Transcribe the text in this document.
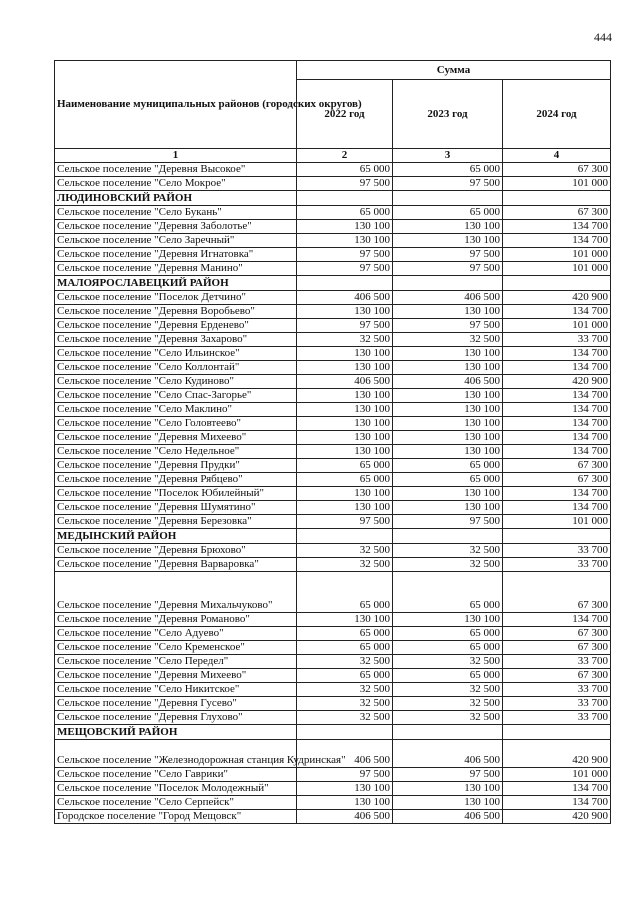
444
Наименование муниципальных районов (городских округов)	Сумма		
	2022 год	2023 год	2024 год
1	2	3	4
Сельское поселение "Деревня Высокое"	65 000	65 000	67 300
Сельское поселение "Село Мокрое"	97 500	97 500	101 000
ЛЮДИНОВСКИЙ РАЙОН			
Сельское поселение "Село Букань"	65 000	65 000	67 300
Сельское поселение "Деревня Заболотье"	130 100	130 100	134 700
Сельское поселение "Село Заречный"	130 100	130 100	134 700
Сельское поселение "Деревня Игнатовка"	97 500	97 500	101 000
Сельское поселение "Деревня Манино"	97 500	97 500	101 000
МАЛОЯРОСЛАВЕЦКИЙ РАЙОН			
Сельское поселение "Поселок Детчино"	406 500	406 500	420 900
Сельское поселение "Деревня Воробьево"	130 100	130 100	134 700
Сельское поселение "Деревня Ерденево"	97 500	97 500	101 000
Сельское поселение "Деревня Захарово"	32 500	32 500	33 700
Сельское поселение "Село Ильинское"	130 100	130 100	134 700
Сельское поселение "Село Коллонтай"	130 100	130 100	134 700
Сельское поселение "Село Кудиново"	406 500	406 500	420 900
Сельское поселение "Село Спас-Загорье"	130 100	130 100	134 700
Сельское поселение "Село Маклино"	130 100	130 100	134 700
Сельское поселение "Село Головтеево"	130 100	130 100	134 700
Сельское поселение "Деревня Михеево"	130 100	130 100	134 700
Сельское поселение "Село Недельное"	130 100	130 100	134 700
Сельское поселение "Деревня Прудки"	65 000	65 000	67 300
Сельское поселение "Деревня Рябцево"	65 000	65 000	67 300
Сельское поселение "Поселок Юбилейный"	130 100	130 100	134 700
Сельское поселение "Деревня Шумятино"	130 100	130 100	134 700
Сельское поселение "Деревня Березовка"	97 500	97 500	101 000
МЕДЫНСКИЙ РАЙОН			
Сельское поселение "Деревня Брюхово"	32 500	32 500	33 700
Сельское поселение "Деревня Варваровка"	32 500	32 500	33 700
Сельское поселение "Деревня Михальчуково"	65 000	65 000	67 300
Сельское поселение "Деревня Романово"	130 100	130 100	134 700
Сельское поселение "Село Адуево"	65 000	65 000	67 300
Сельское поселение "Село Кременское"	65 000	65 000	67 300
Сельское поселение "Село Передел"	32 500	32 500	33 700
Сельское поселение "Деревня Михеево"	65 000	65 000	67 300
Сельское поселение "Село Никитское"	32 500	32 500	33 700
Сельское поселение "Деревня Гусево"	32 500	32 500	33 700
Сельское поселение "Деревня Глухово"	32 500	32 500	33 700
МЕЩОВСКИЙ РАЙОН			
Сельское поселение "Железнодорожная станция Кудринская"	406 500	406 500	420 900
Сельское поселение "Село Гаврики"	97 500	97 500	101 000
Сельское поселение "Поселок Молодежный"	130 100	130 100	134 700
Сельское поселение "Село Серпейск"	130 100	130 100	134 700
Городское поселение "Город Мещовск"	406 500	406 500	420 900
